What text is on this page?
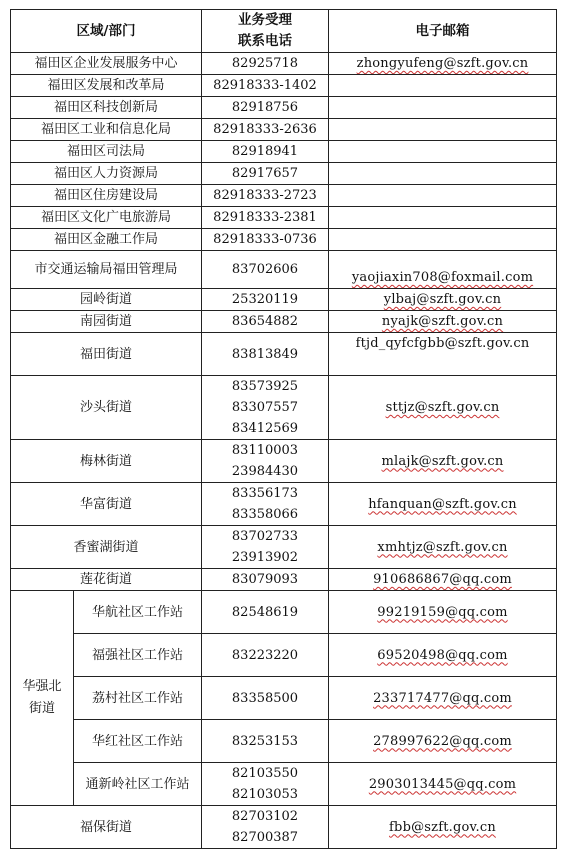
区域/部门		业务受理
联系电话	电子邮箱
福田区企业发展服务中心		82925718	zhongyufeng@szft.gov.cn
福田区发展和改革局		82918333-1402	

福田区科技创新局		82918756	

福田区工业和信息化局		82918333-2636	

福田区司法局		82918941	

福田区人力资源局		82917657	

福田区住房建设局		82918333-2723	

福田区文化广电旅游局		82918333-2381	

福田区金融工作局		82918333-0736	

市交通运输局福田管理局		83702606	yaojiaxin708@foxmail.com
园岭街道		25320119	ylbaj@szft.gov.cn
南园街道		83654882	nyajk@szft.gov.cn
福田街道		83813849	ftjd_qyfcfgbb@szft.gov.cn
沙头街道		83573925
83307557
83412569	sttjz@szft.gov.cn
梅林街道		83110003
23984430	mlajk@szft.gov.cn
华富街道		83356173
83358066	hfanquan@szft.gov.cn
香蜜湖街道		83702733
23913902	xmhtjz@szft.gov.cn
莲花街道		83079093	910686867@qq.com
华强北街道	华航社区工作站	82548619	99219159@qq.com
	福强社区工作站	83223220	69520498@qq.com
	荔村社区工作站	83358500	233717477@qq.com
	华红社区工作站	83253153	278997622@qq.com
	通新岭社区工作站	82103550
82103053	2903013445@qq.com
福保街道		82703102
82700387	fbb@szft.gov.cn
